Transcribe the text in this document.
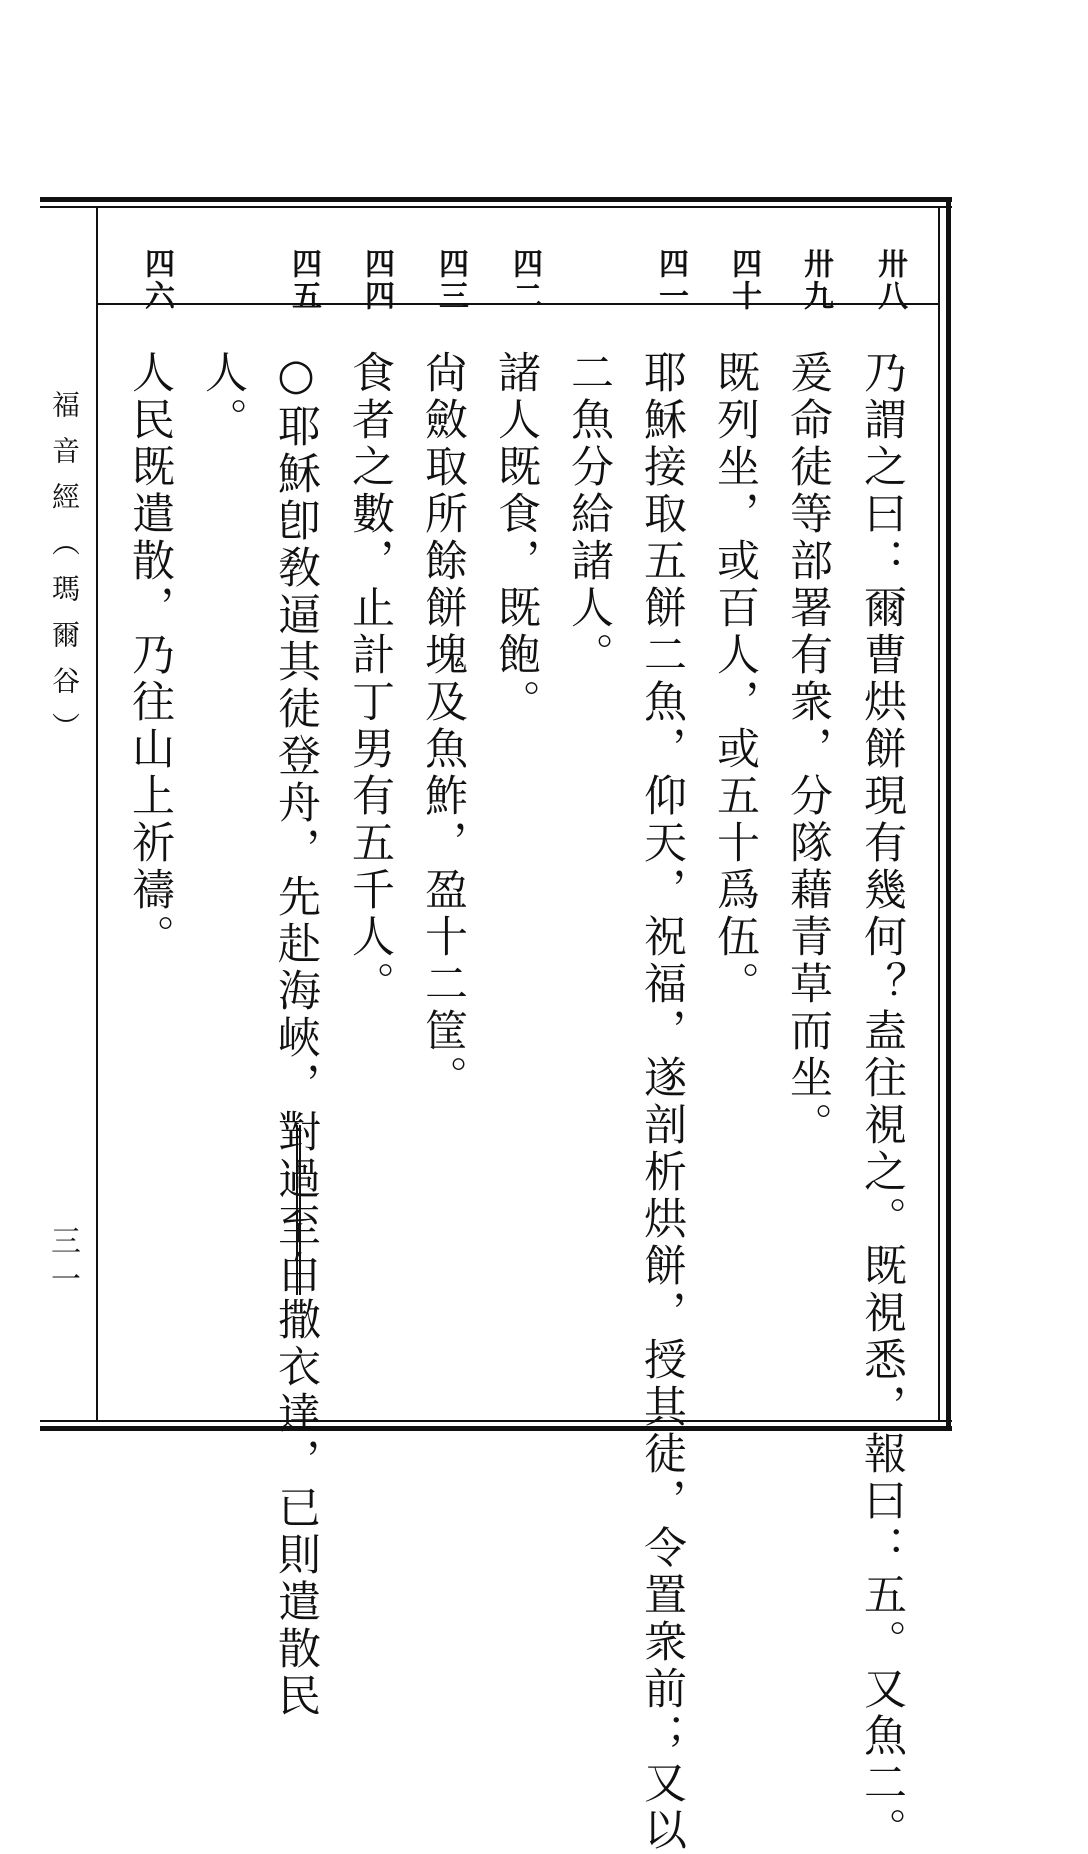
福音經（瑪爾谷）
三一
卅八
卅九
四十
四一
四二
四三
四四
四五
四六
乃謂之曰：爾曹烘餅現有幾何？盍往視之。既視悉，報曰：五。又魚二。
爰命徒等部署有衆，分隊藉青草而坐。
既列坐，或百人，或五十爲伍。
耶穌接取五餅二魚，仰天，祝福，遂剖析烘餅，授其徒，令置衆前；又以
二魚分給諸人。
諸人既食，既飽。
尙斂取所餘餅塊及魚鮓，盈十二筐。
食者之數，止計丁男有五千人。
人。 ○耶穌卽敎逼其徒登舟，先赴海峽，對過至白撒衣達，已則遣散民
人民既遣散，乃往山上祈禱。
